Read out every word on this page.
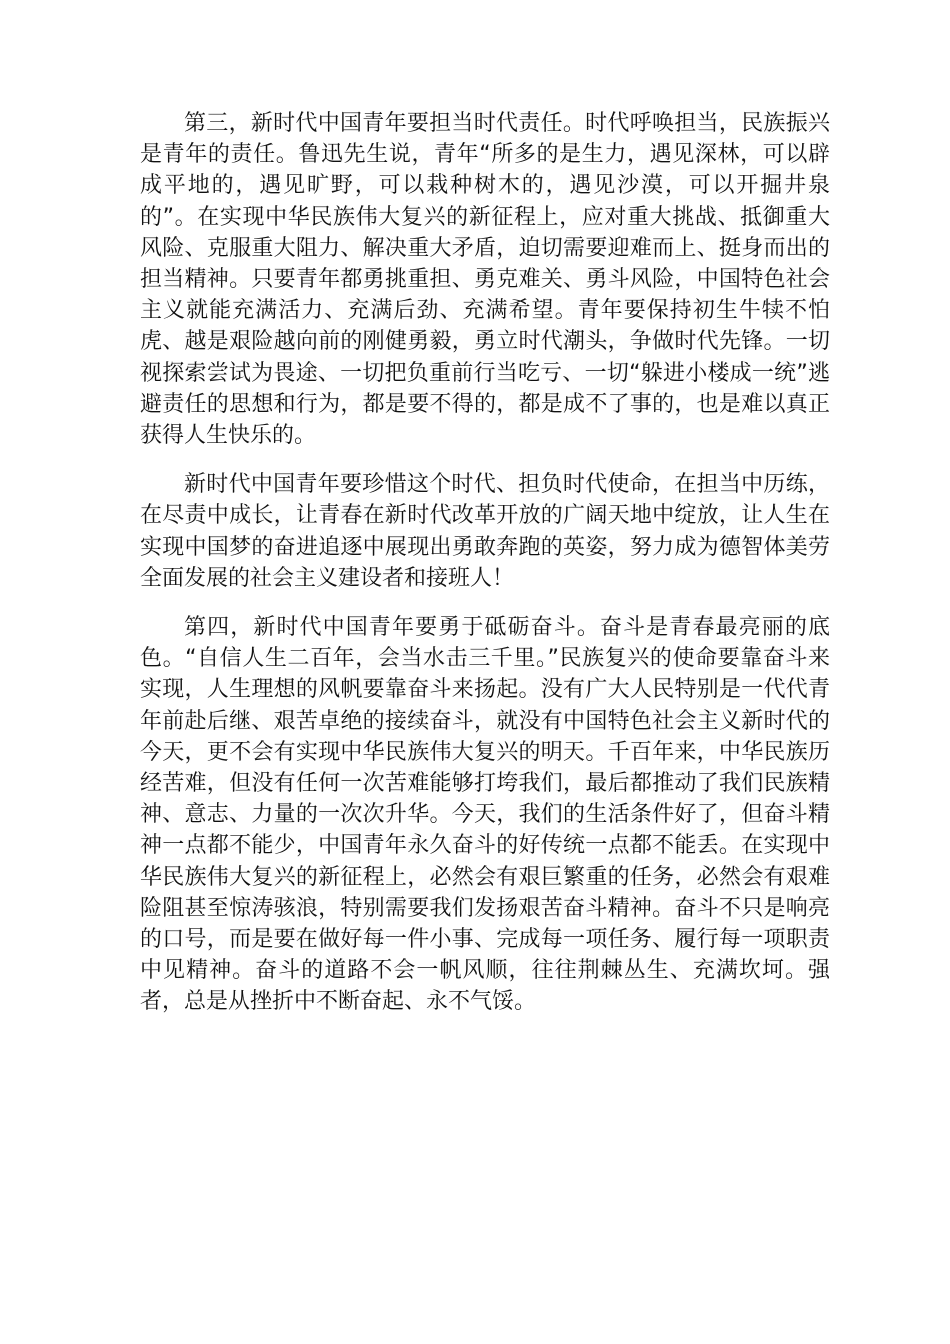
第三，新时代中国青年要担当时代责任。时代呼唤担当，民族振兴是青年的责任。鲁迅先生说，青年“所多的是生力，遇见深林，可以辟成平地的，遇见旷野，可以栽种树木的，遇见沙漠，可以开掘井泉的”。在实现中华民族伟大复兴的新征程上，应对重大挑战、抵御重大风险、克服重大阻力、解决重大矛盾，迫切需要迎难而上、挺身而出的担当精神。只要青年都勇挑重担、勇克难关、勇斗风险，中国特色社会主义就能充满活力、充满后劲、充满希望。青年要保持初生牛犊不怕虎、越是艰险越向前的刚健勇毅，勇立时代潮头，争做时代先锋。一切视探索尝试为畏途、一切把负重前行当吃亏、一切“躲进小楼成一统”逃避责任的思想和行为，都是要不得的，都是成不了事的，也是难以真正获得人生快乐的。

新时代中国青年要珍惜这个时代、担负时代使命，在担当中历练，在尽责中成长，让青春在新时代改革开放的广阔天地中绽放，让人生在实现中国梦的奋进追逐中展现出勇敢奔跑的英姿，努力成为德智体美劳全面发展的社会主义建设者和接班人！

第四，新时代中国青年要勇于砥砺奋斗。奋斗是青春最亮丽的底色。“自信人生二百年，会当水击三千里。”民族复兴的使命要靠奋斗来实现，人生理想的风帆要靠奋斗来扬起。没有广大人民特别是一代代青年前赴后继、艰苦卓绝的接续奋斗，就没有中国特色社会主义新时代的今天，更不会有实现中华民族伟大复兴的明天。千百年来，中华民族历经苦难，但没有任何一次苦难能够打垮我们，最后都推动了我们民族精神、意志、力量的一次次升华。今天，我们的生活条件好了，但奋斗精神一点都不能少，中国青年永久奋斗的好传统一点都不能丢。在实现中华民族伟大复兴的新征程上，必然会有艰巨繁重的任务，必然会有艰难险阻甚至惊涛骇浪，特别需要我们发扬艰苦奋斗精神。奋斗不只是响亮的口号，而是要在做好每一件小事、完成每一项任务、履行每一项职责中见精神。奋斗的道路不会一帆风顺，往往荆棘丛生、充满坎坷。强者，总是从挫折中不断奋起、永不气馁。
